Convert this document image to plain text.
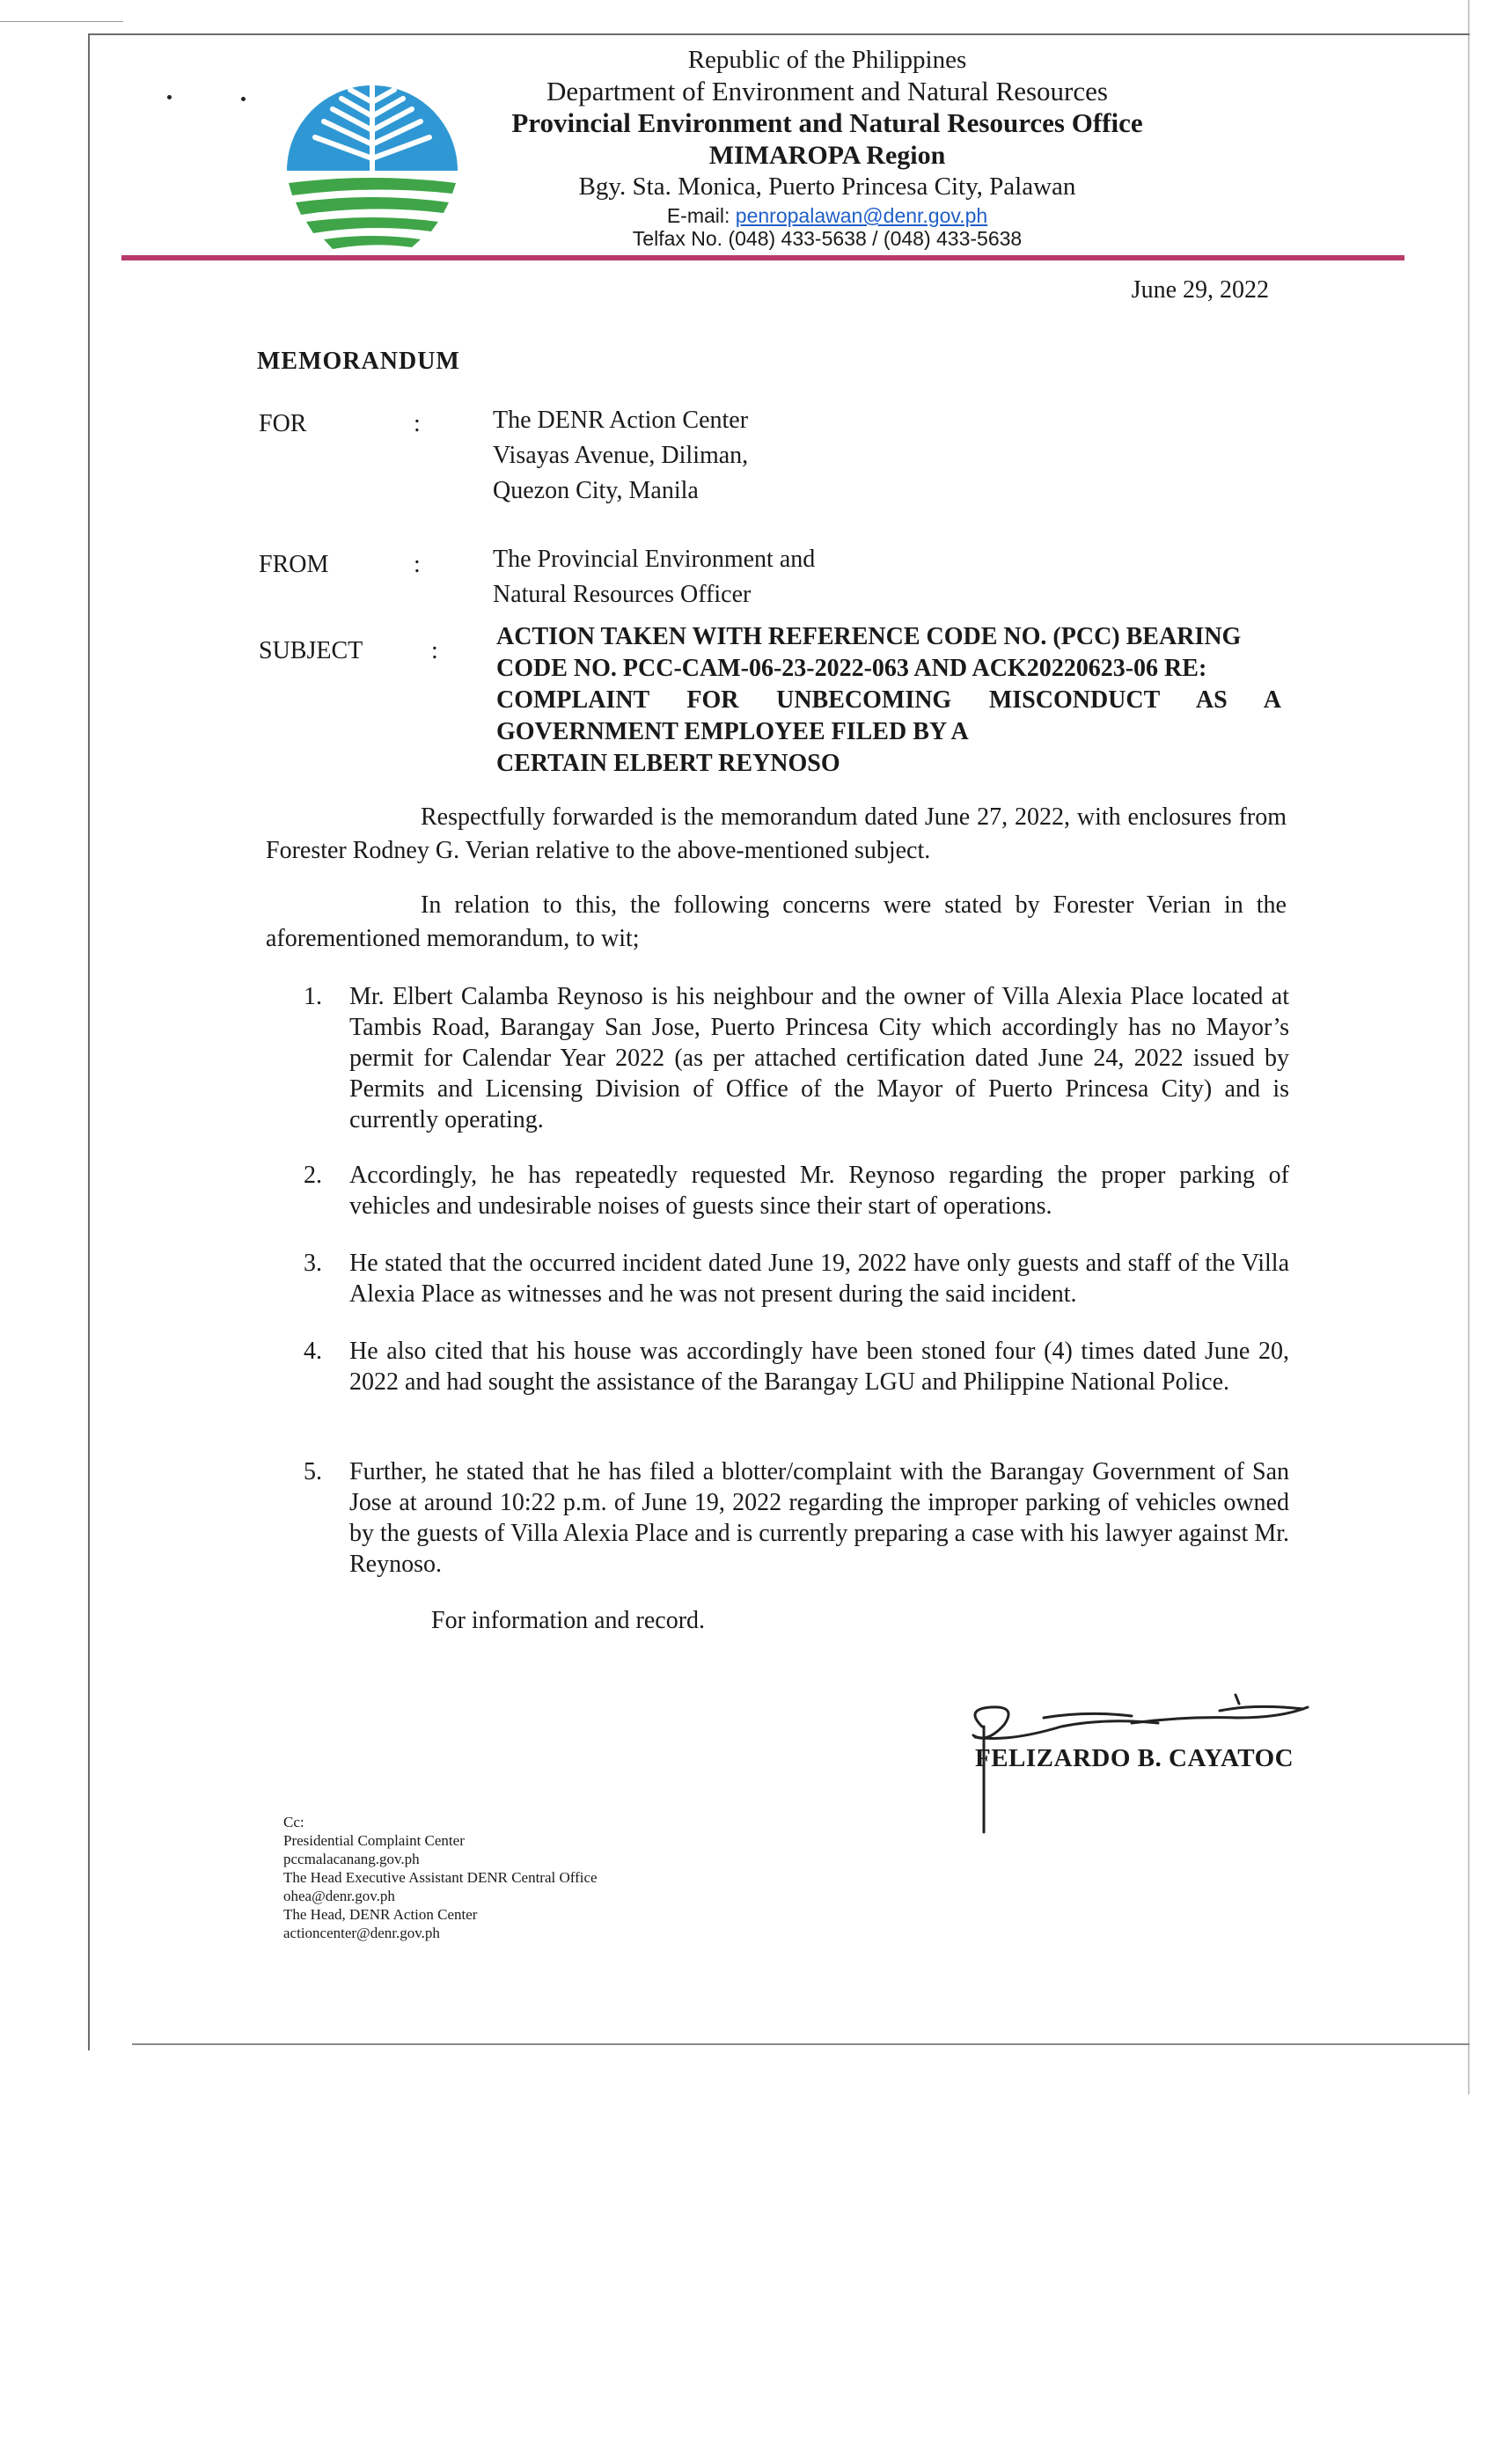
Republic of the Philippines
Department of Environment and Natural Resources
Provincial Environment and Natural Resources Office
MIMAROPA Region
Bgy. Sta. Monica, Puerto Princesa City, Palawan
E-mail: penropalawan@denr.gov.ph
Telfax No. (048) 433-5638 / (048) 433-5638
June 29, 2022
MEMORANDUM
FOR	:	The DENR Action Center
Visayas Avenue, Diliman,
Quezon City, Manila
FROM	:	The Provincial Environment and
Natural Resources Officer
SUBJECT	:
ACTION TAKEN WITH REFERENCE CODE NO. (PCC) BEARING
CODE NO. PCC-CAM-06-23-2022-063 AND ACK20220623-06 RE:
COMPLAINT FOR UNBECOMING MISCONDUCT AS A
GOVERNMENT EMPLOYEE FILED BY A
CERTAIN ELBERT REYNOSO
Respectfully forwarded is the memorandum dated June 27, 2022, with enclosures from Forester Rodney G. Verian relative to the above-mentioned subject.
In relation to this, the following concerns were stated by Forester Verian in the aforementioned memorandum, to wit;
1.	Mr. Elbert Calamba Reynoso is his neighbour and the owner of Villa Alexia Place located at Tambis Road, Barangay San Jose, Puerto Princesa City which accordingly has no Mayor’s permit for Calendar Year 2022 (as per attached certification dated June 24, 2022 issued by Permits and Licensing Division of Office of the Mayor of Puerto Princesa City) and is currently operating.
2.	Accordingly, he has repeatedly requested Mr. Reynoso regarding the proper parking of vehicles and undesirable noises of guests since their start of operations.
3.	He stated that the occurred incident dated June 19, 2022 have only guests and staff of the Villa Alexia Place as witnesses and he was not present during the said incident.
4.	He also cited that his house was accordingly have been stoned four (4) times dated June 20, 2022 and had sought the assistance of the Barangay LGU and Philippine National Police.
5.	Further, he stated that he has filed a blotter/complaint with the Barangay Government of San Jose at around 10:22 p.m. of June 19, 2022 regarding the improper parking of vehicles owned by the guests of Villa Alexia Place and is currently preparing a case with his lawyer against Mr. Reynoso.
For information and record.
FELIZARDO B. CAYATOC
Cc:
Presidential Complaint Center
pccmalacanang.gov.ph
The Head Executive Assistant DENR Central Office
ohea@denr.gov.ph
The Head, DENR Action Center
actioncenter@denr.gov.ph
